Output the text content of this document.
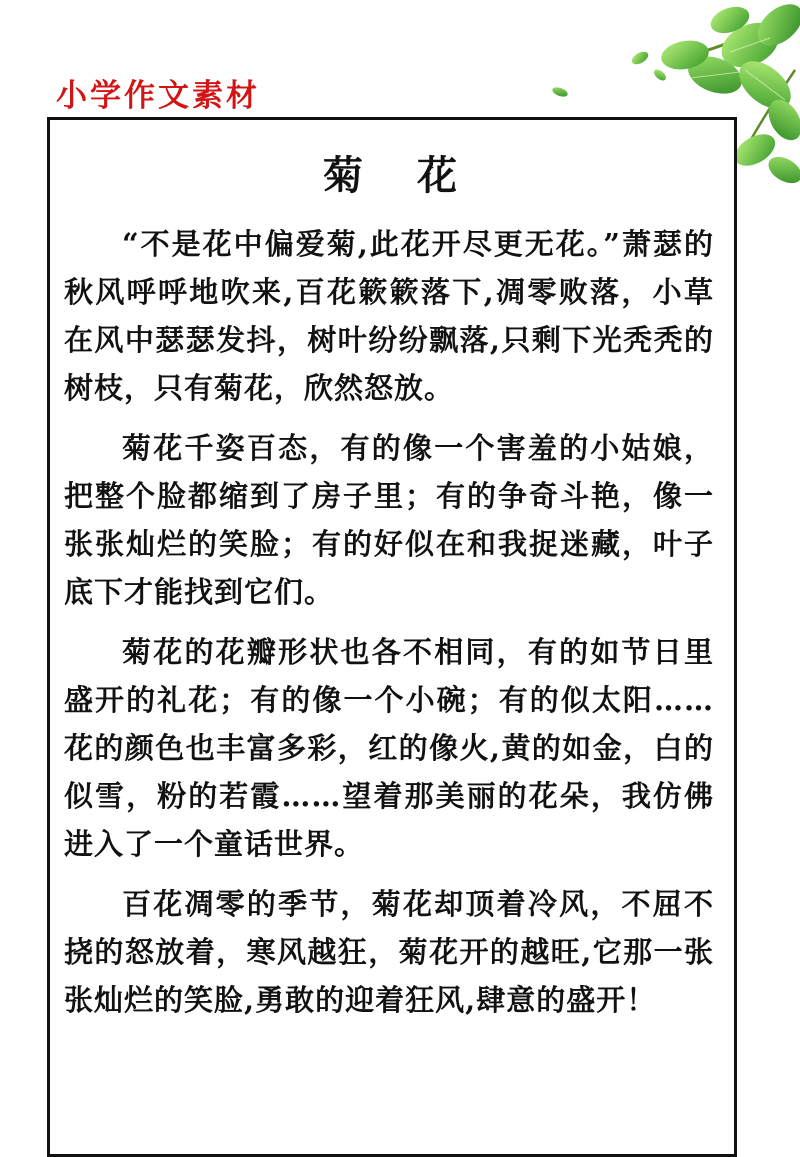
小学作文素材
菊 花

“不是花中偏爱菊,此花开尽更无花。”萧瑟的秋风呼呼地吹来,百花簌簌落下,凋零败落，小草在风中瑟瑟发抖，树叶纷纷飘落,只剩下光秃秃的树枝，只有菊花，欣然怒放。

菊花千姿百态，有的像一个害羞的小姑娘，把整个脸都缩到了房子里；有的争奇斗艳，像一张张灿烂的笑脸；有的好似在和我捉迷藏，叶子底下才能找到它们。

菊花的花瓣形状也各不相同，有的如节日里盛开的礼花；有的像一个小碗；有的似太阳……花的颜色也丰富多彩，红的像火,黄的如金，白的似雪，粉的若霞……望着那美丽的花朵，我仿佛进入了一个童话世界。

百花凋零的季节，菊花却顶着冷风，不屈不挠的怒放着，寒风越狂，菊花开的越旺,它那一张张灿烂的笑脸,勇敢的迎着狂风,肆意的盛开！
